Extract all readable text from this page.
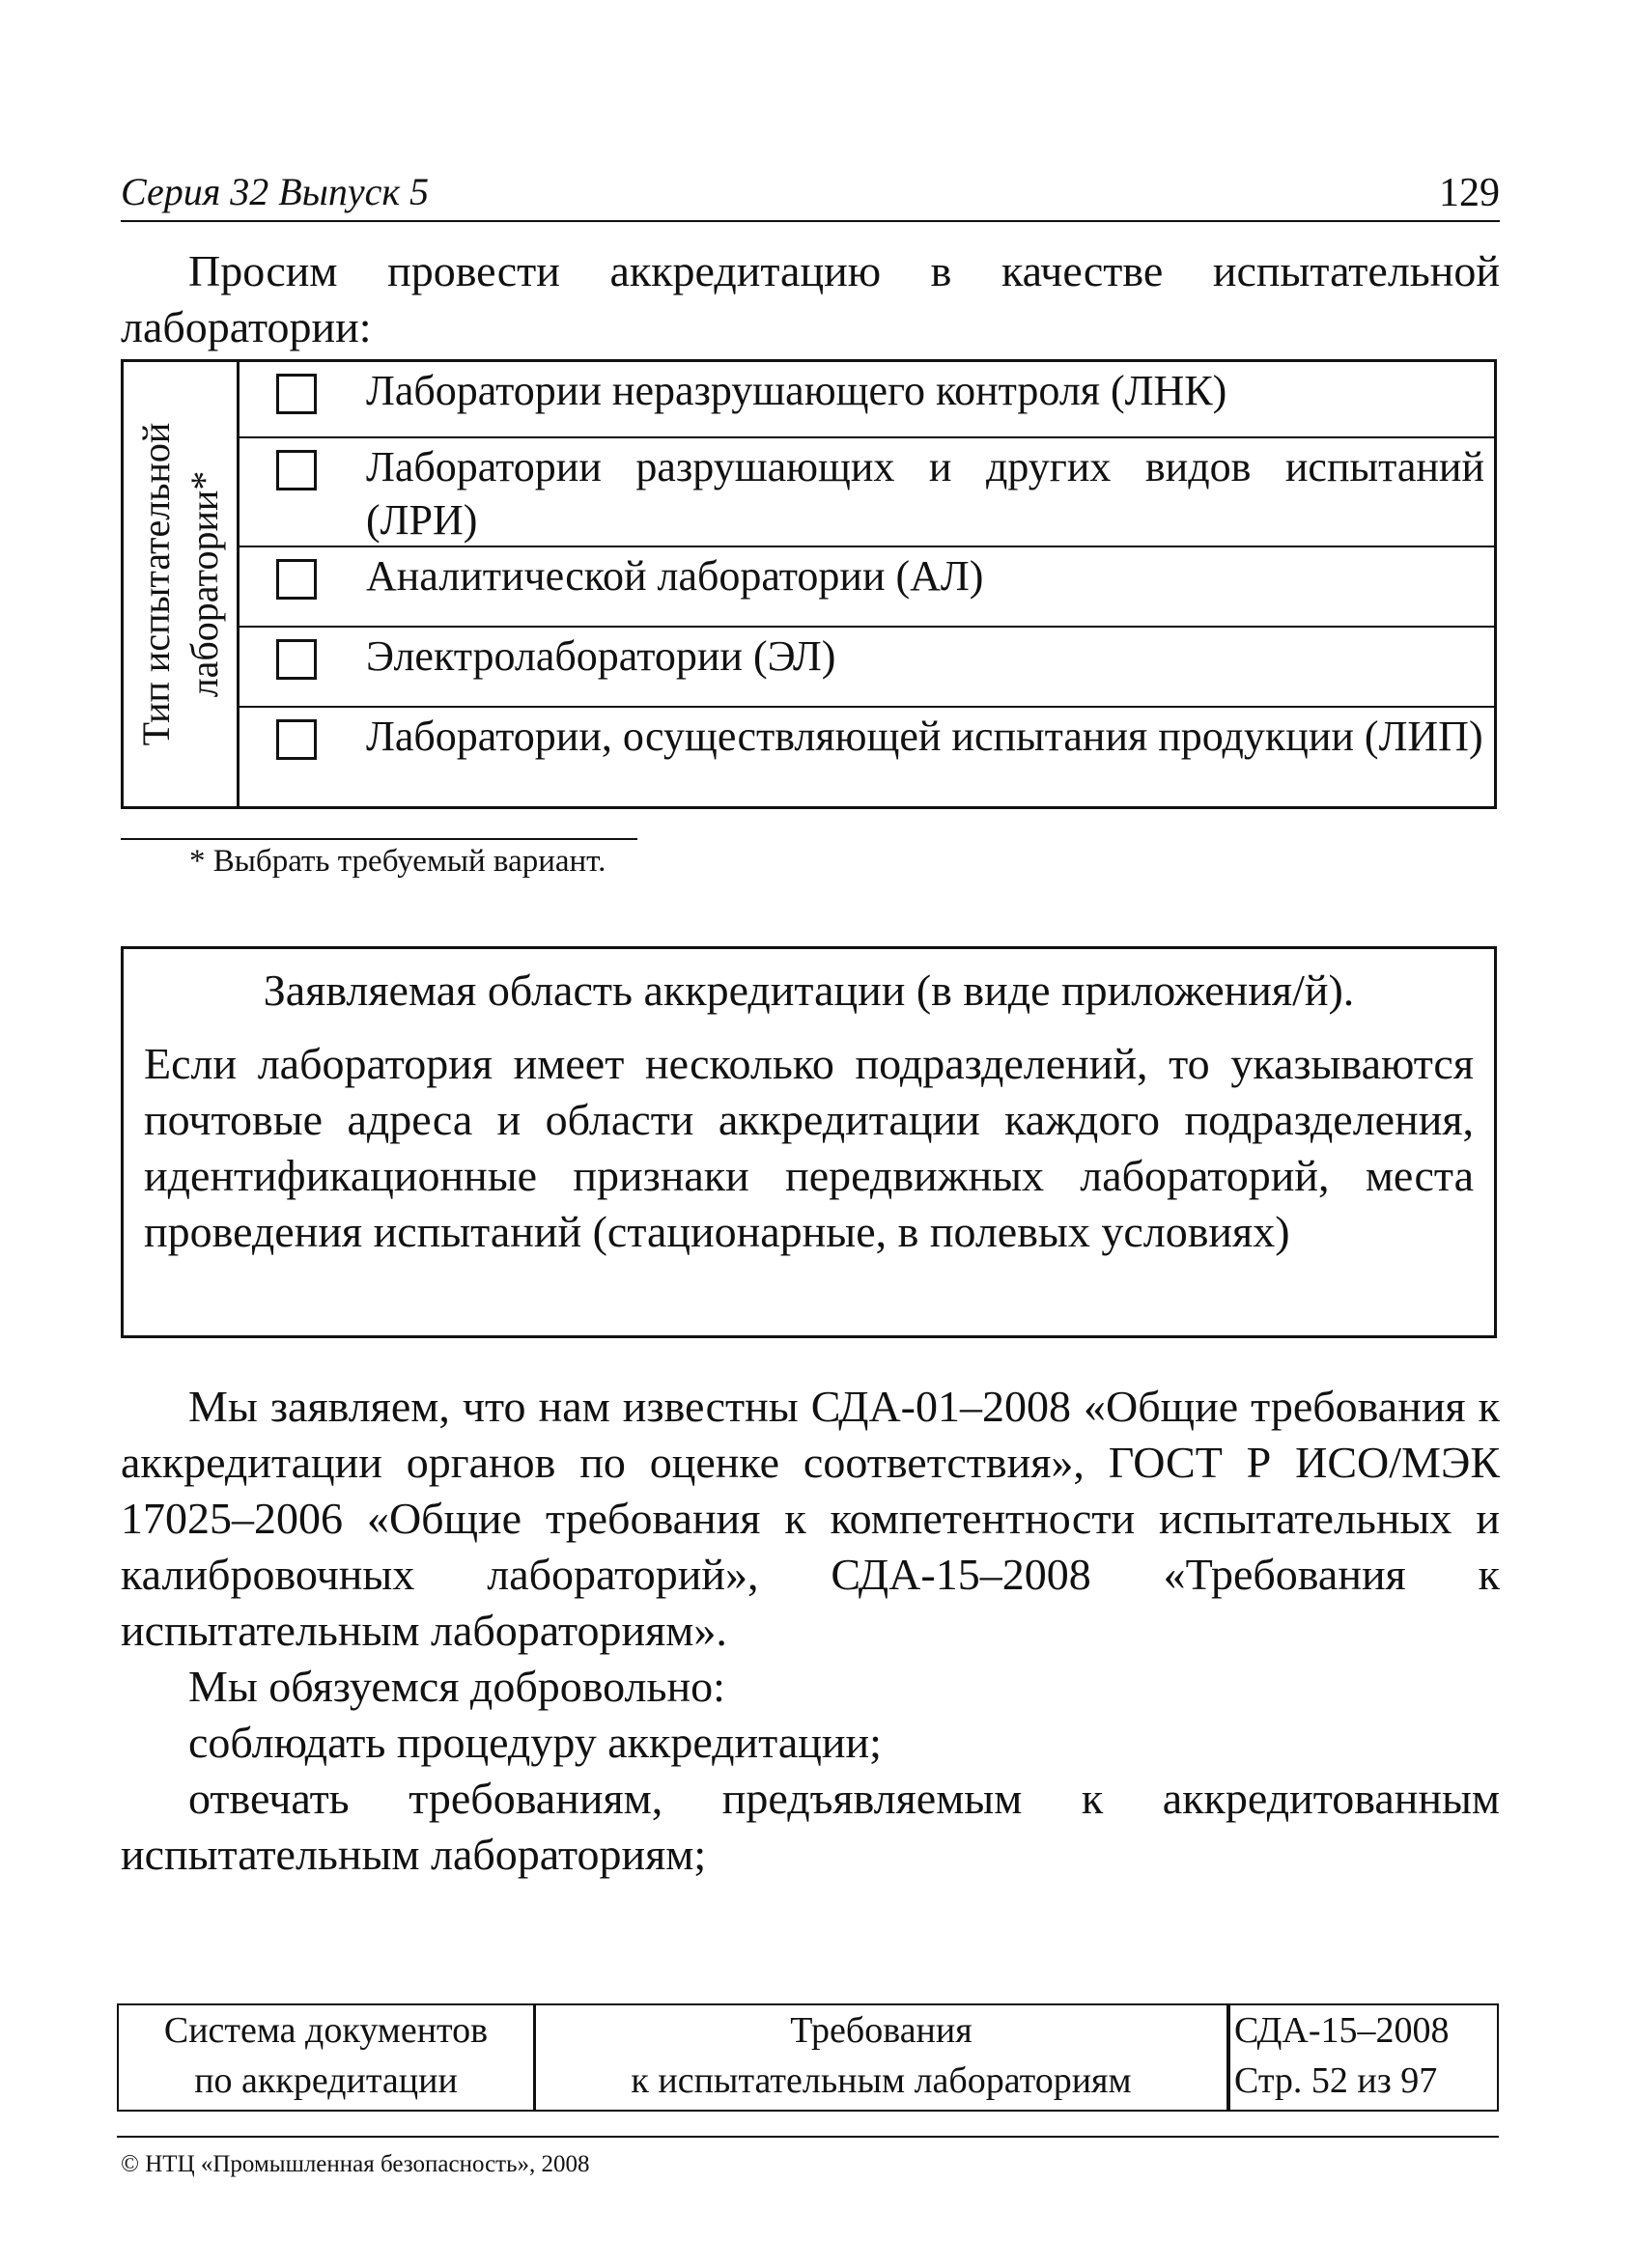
Серия 32 Выпуск 5	129
Просим провести аккредитацию в качестве испытательной лаборатории:
Тип испытательной лаборатории*
Лаборатории неразрушающего контроля (ЛНК)
Лаборатории разрушающих и других видов испытаний (ЛРИ)
Аналитической лаборатории (АЛ)
Электролаборатории (ЭЛ)
Лаборатории, осуществляющей испытания продукции (ЛИП)
* Выбрать требуемый вариант.
Заявляемая область аккредитации (в виде приложения/й).
Если лаборатория имеет несколько подразделений, то указываются почтовые адреса и области аккредитации каждого подразделения, идентификационные признаки передвижных лабораторий, места проведения испытаний (стационарные, в полевых условиях)
Мы заявляем, что нам известны СДА-01–2008 «Общие требования к аккредитации органов по оценке соответствия», ГОСТ Р ИСО/МЭК 17025–2006 «Общие требования к компетентности испытательных и калибровочных лабораторий», СДА-15–2008 «Требования к испытательным лабораториям».
Мы обязуемся добровольно:
соблюдать процедуру аккредитации;
отвечать требованиям, предъявляемым к аккредитованным испытательным лабораториям;
Система документов
по аккредитации
Требования
к испытательным лабораториям
СДА-15–2008
Стр. 52 из 97
© НТЦ «Промышленная безопасность», 2008
